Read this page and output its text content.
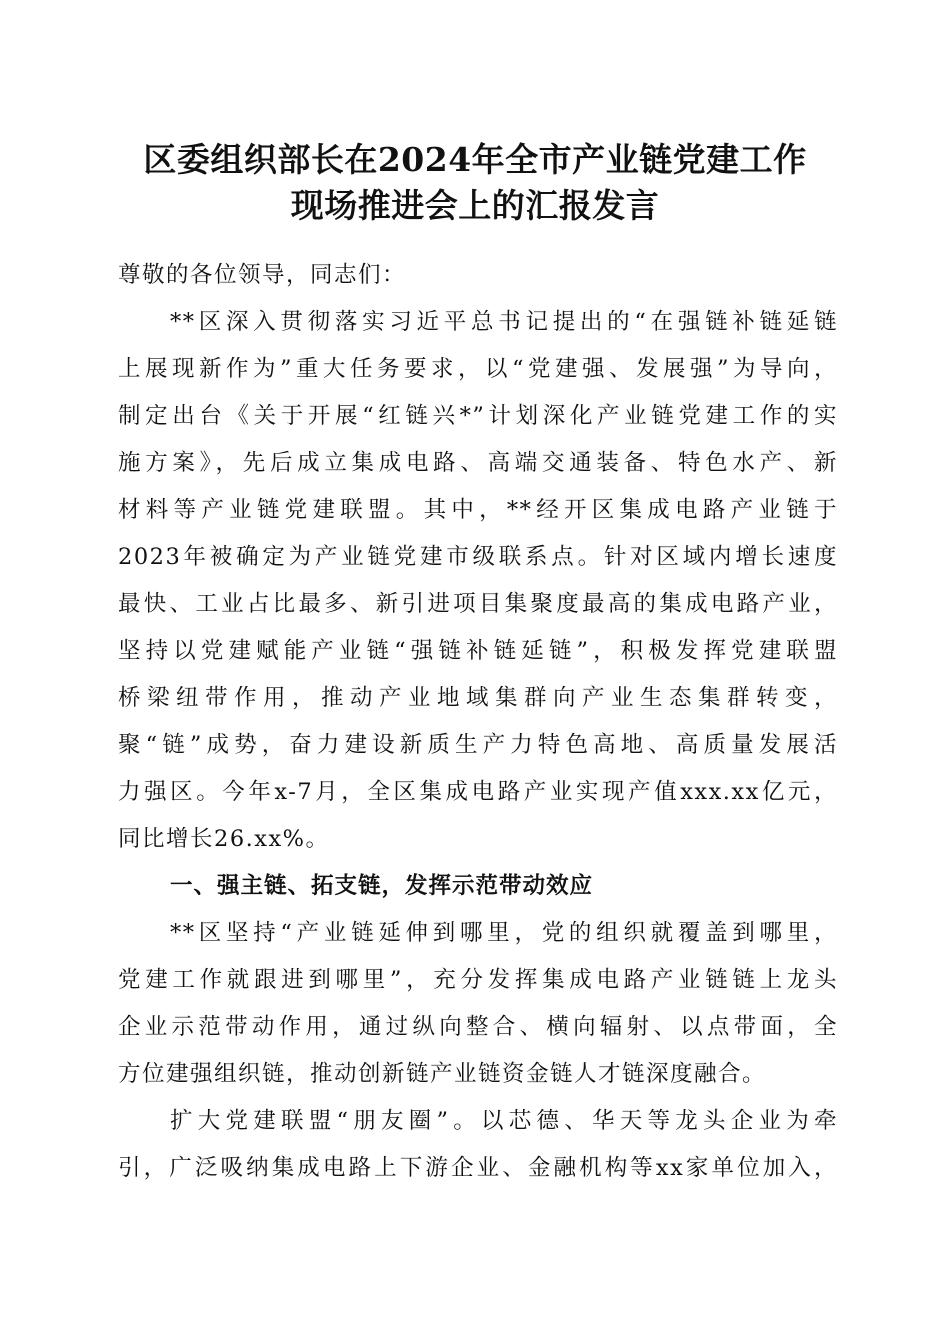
区委组织部长在2024年全市产业链党建工作
现场推进会上的汇报发言
尊敬的各位领导，同志们：
**区深入贯彻落实习近平总书记提出的“在强链补链延链
上展现新作为”重大任务要求，以“党建强、发展强”为导向，
制定出台《关于开展“红链兴*”计划深化产业链党建工作的实
施方案》，先后成立集成电路、高端交通装备、特色水产、新
材料等产业链党建联盟。其中，**经开区集成电路产业链于
2023年被确定为产业链党建市级联系点。针对区域内增长速度
最快、工业占比最多、新引进项目集聚度最高的集成电路产业，
坚持以党建赋能产业链“强链补链延链”，积极发挥党建联盟
桥梁纽带作用，推动产业地域集群向产业生态集群转变，
聚“链”成势，奋力建设新质生产力特色高地、高质量发展活
力强区。今年x-7月，全区集成电路产业实现产值xxx.xx亿元，
同比增长26.xx%。
一、强主链、拓支链，发挥示范带动效应
**区坚持“产业链延伸到哪里，党的组织就覆盖到哪里，
党建工作就跟进到哪里”，充分发挥集成电路产业链链上龙头
企业示范带动作用，通过纵向整合、横向辐射、以点带面，全
方位建强组织链，推动创新链产业链资金链人才链深度融合。
扩大党建联盟“朋友圈”。以芯德、华天等龙头企业为牵
引，广泛吸纳集成电路上下游企业、金融机构等xx家单位加入，
